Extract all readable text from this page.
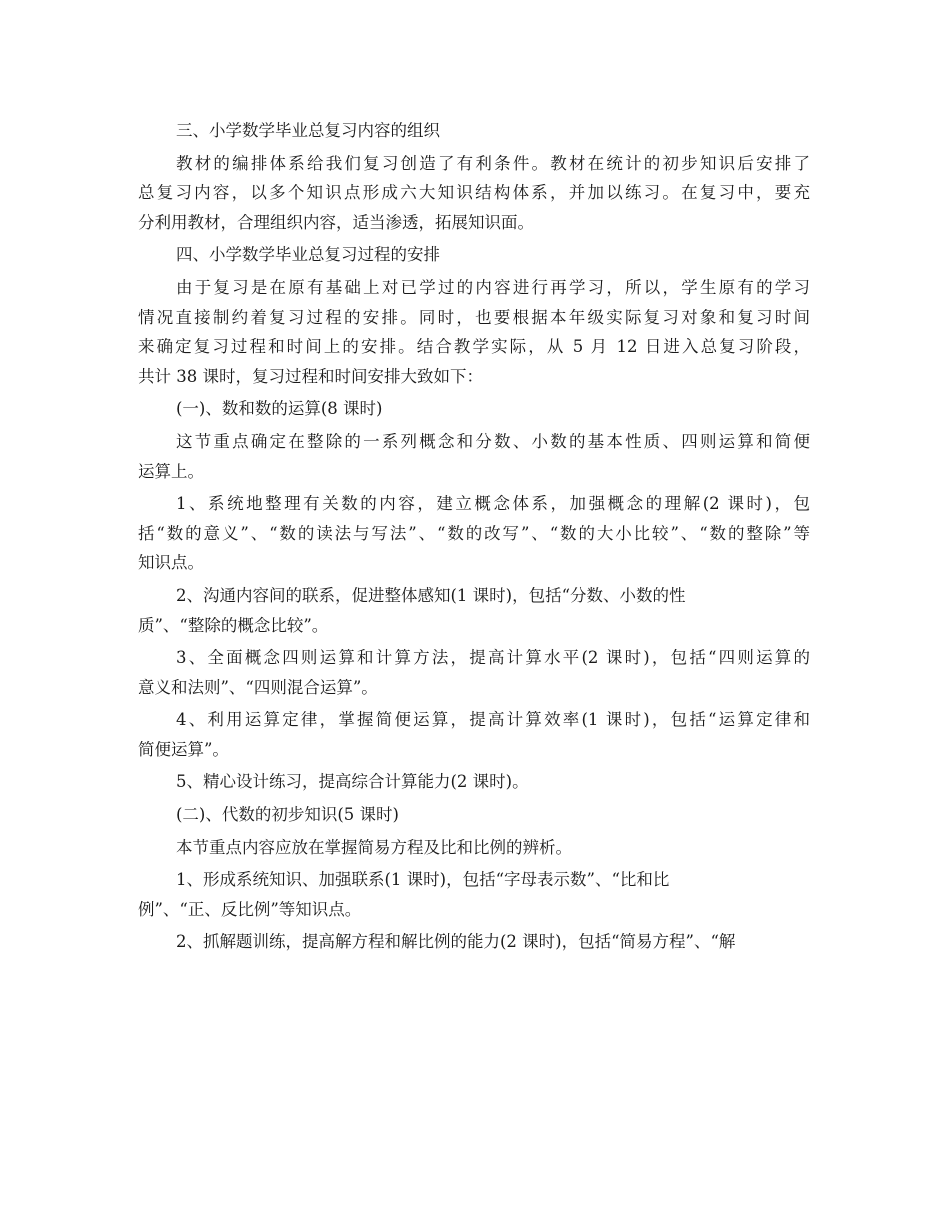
三、小学数学毕业总复习内容的组织
教材的编排体系给我们复习创造了有利条件。教材在统计的初步知识后安排了
总复习内容，以多个知识点形成六大知识结构体系，并加以练习。在复习中，要充
分利用教材，合理组织内容，适当渗透，拓展知识面。
四、小学数学毕业总复习过程的安排
由于复习是在原有基础上对已学过的内容进行再学习，所以，学生原有的学习
情况直接制约着复习过程的安排。同时，也要根据本年级实际复习对象和复习时间
来确定复习过程和时间上的安排。结合教学实际，从 5 月 12 日进入总复习阶段，
共计 38 课时，复习过程和时间安排大致如下：
(一)、数和数的运算(8 课时)
这节重点确定在整除的一系列概念和分数、小数的基本性质、四则运算和简便
运算上。
1、系统地整理有关数的内容，建立概念体系，加强概念的理解(2 课时)，包
括“数的意义”、“数的读法与写法”、“数的改写”、“数的大小比较”、“数的整除”等
知识点。
2、沟通内容间的联系，促进整体感知(1 课时)，包括“分数、小数的性
质”、“整除的概念比较”。
3、全面概念四则运算和计算方法，提高计算水平(2 课时)，包括“四则运算的
意义和法则”、“四则混合运算”。
4、利用运算定律，掌握简便运算，提高计算效率(1 课时)，包括“运算定律和
简便运算”。
5、精心设计练习，提高综合计算能力(2 课时)。
(二)、代数的初步知识(5 课时)
本节重点内容应放在掌握简易方程及比和比例的辨析。
1、形成系统知识、加强联系(1 课时)，包括“字母表示数”、“比和比
例”、“正、反比例”等知识点。
2、抓解题训练，提高解方程和解比例的能力(2 课时)，包括“简易方程”、“解
